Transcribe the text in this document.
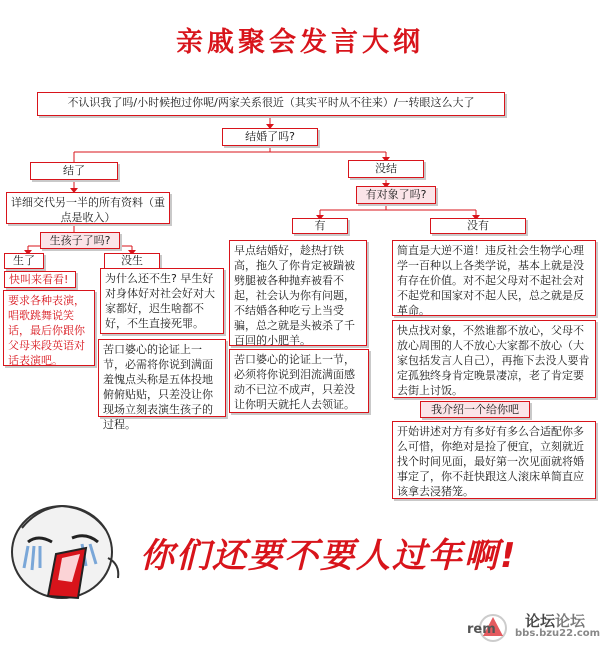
亲戚聚会发言大纲
不认识我了吗/小时候抱过你呢/两家关系很近（其实平时从不往来）/一转眼这么大了
结婚了吗?
结了	没结
详细交代另一半的所有资料（重点是收入）
生孩子了吗?
生了	没生
快叫来看看!
要求各种表演，唱歌跳舞说笑话，最后你跟你父母来段英语对话表演吧。
为什么还不生? 早生好对身体好对社会好对大家都好，迟生啥都不好，不生直接死罪。
苦口婆心的论证上一节，必需将你说到满面羞愧点头称是五体投地俯俯贴贴，只差没让你现场立刻表演生孩子的过程。
有对象了吗?
有	没有
早点结婚好，趁热打铁高，拖久了你肯定被踹被劈腿被各种抛弃被看不起，社会认为你有问题，不结婚各种吃亏上当受骗，总之就是头被杀了千百回的小肥羊。
苦口婆心的论证上一节，必须将你说到泪流满面感动不已泣不成声，只差没让你明天就托人去领证。
简直是大逆不道！违反社会生物学心理学一百种以上各类学说，基本上就是没有存在价值。对不起父母对不起社会对不起党和国家对不起人民，总之就是反革命。
快点找对象，不然谁都不放心，父母不放心周围的人不放心大家都不放心（大家包括发言人自己），再拖下去没人要肯定孤独终身肯定晚景凄凉，老了肯定要去街上讨饭。
我介绍一个给你吧
开始讲述对方有多好有多么合适配你多么可惜，你绝对是捡了便宜，立刻就近找个时间见面，最好第一次见面就将婚事定了，你不赶快跟这人滚床单简直应该拿去浸猪笼。
你们还要不要人过年啊!
rem 论坛 论坛
bbs.bzu22.com
